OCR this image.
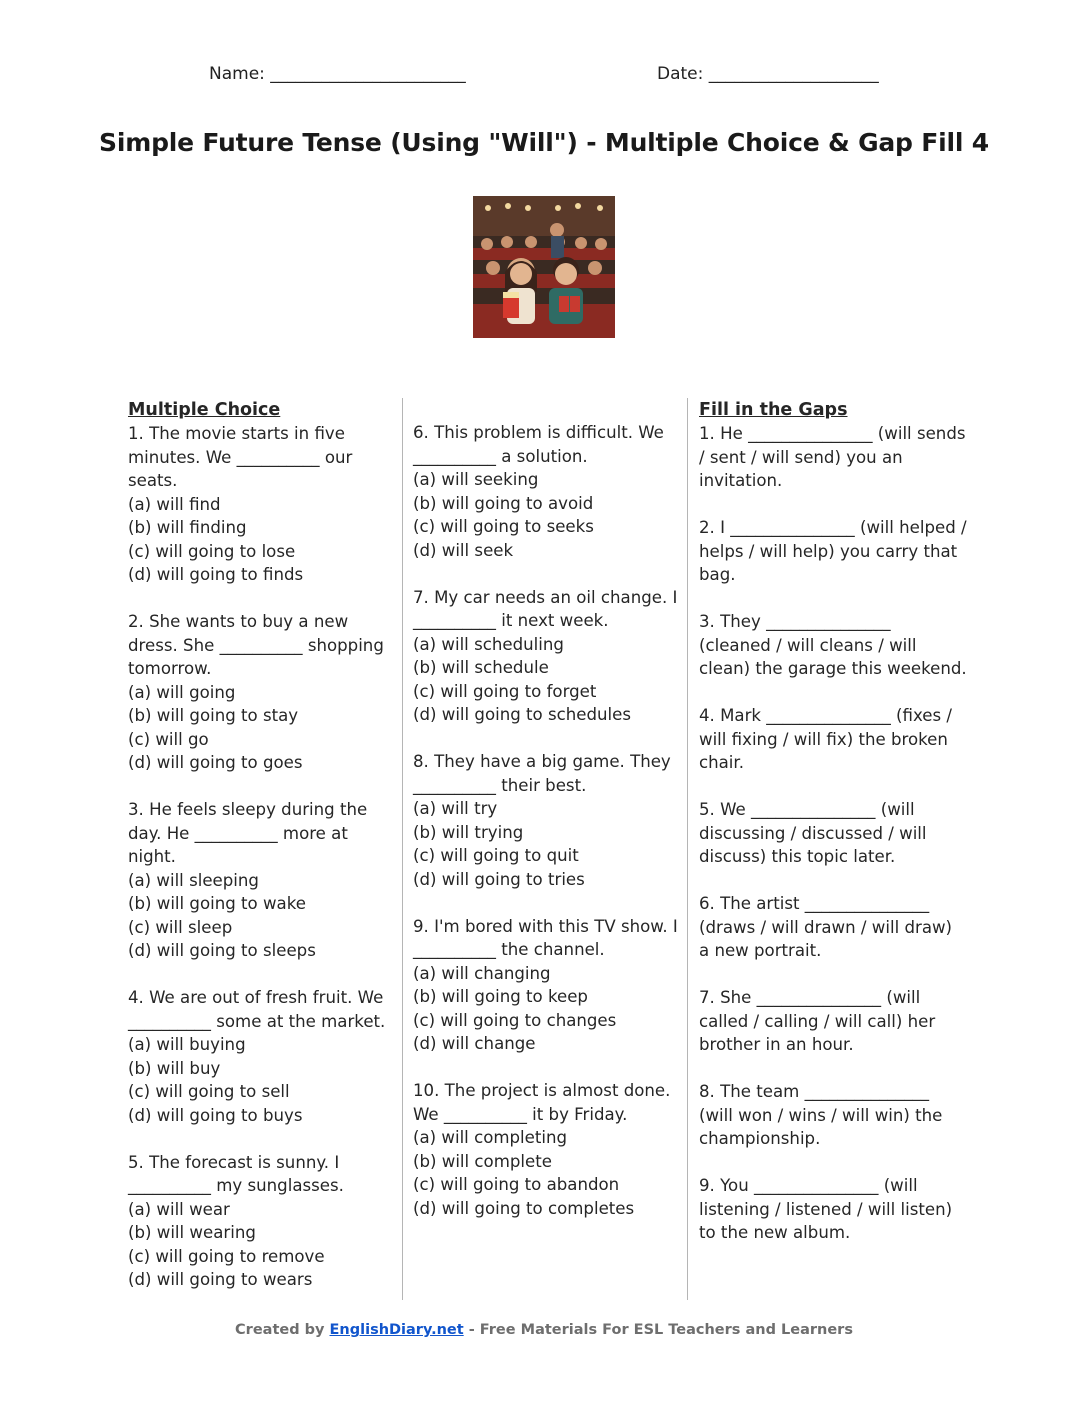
Name: _______________________	Date: ____________________
Simple Future Tense (Using "Will") - Multiple Choice & Gap Fill 4

Multiple Choice

1. The movie starts in five minutes. We __________ our seats.

(a) will find

(b) will finding

(c) will going to lose

(d) will going to finds

2. She wants to buy a new dress. She __________ shopping tomorrow.

(a) will going

(b) will going to stay

(c) will go

(d) will going to goes

3. He feels sleepy during the day. He __________ more at night.

(a) will sleeping

(b) will going to wake

(c) will sleep

(d) will going to sleeps

4. We are out of fresh fruit. We __________ some at the market.

(a) will buying

(b) will buy

(c) will going to sell

(d) will going to buys

5. The forecast is sunny. I __________ my sunglasses.

(a) will wear

(b) will wearing

(c) will going to remove

(d) will going to wears

6. This problem is difficult. We __________ a solution.

(a) will seeking

(b) will going to avoid

(c) will going to seeks

(d) will seek

7. My car needs an oil change. I __________ it next week.

(a) will scheduling

(b) will schedule

(c) will going to forget

(d) will going to schedules

8. They have a big game. They __________ their best.

(a) will try

(b) will trying

(c) will going to quit

(d) will going to tries

9. I'm bored with this TV show. I __________ the channel.

(a) will changing

(b) will going to keep

(c) will going to changes

(d) will change

10. The project is almost done. We __________ it by Friday.

(a) will completing

(b) will complete

(c) will going to abandon

(d) will going to completes

Fill in the Gaps

1. He _______________ (will sends / sent / will send) you an invitation.

2. I _______________ (will helped / helps / will help) you carry that bag.

3. They _______________ (cleaned / will cleans / will clean) the garage this weekend.

4. Mark _______________ (fixes / will fixing / will fix) the broken chair.

5. We _______________ (will discussing / discussed / will discuss) this topic later.

6. The artist _______________ (draws / will drawn / will draw) a new portrait.

7. She _______________ (will called / calling / will call) her brother in an hour.

8. The team _______________ (will won / wins / will win) the championship.

9. You _______________ (will listening / listened / will listen) to the new album.

Created by EnglishDiary.net - Free Materials For ESL Teachers and Learners
